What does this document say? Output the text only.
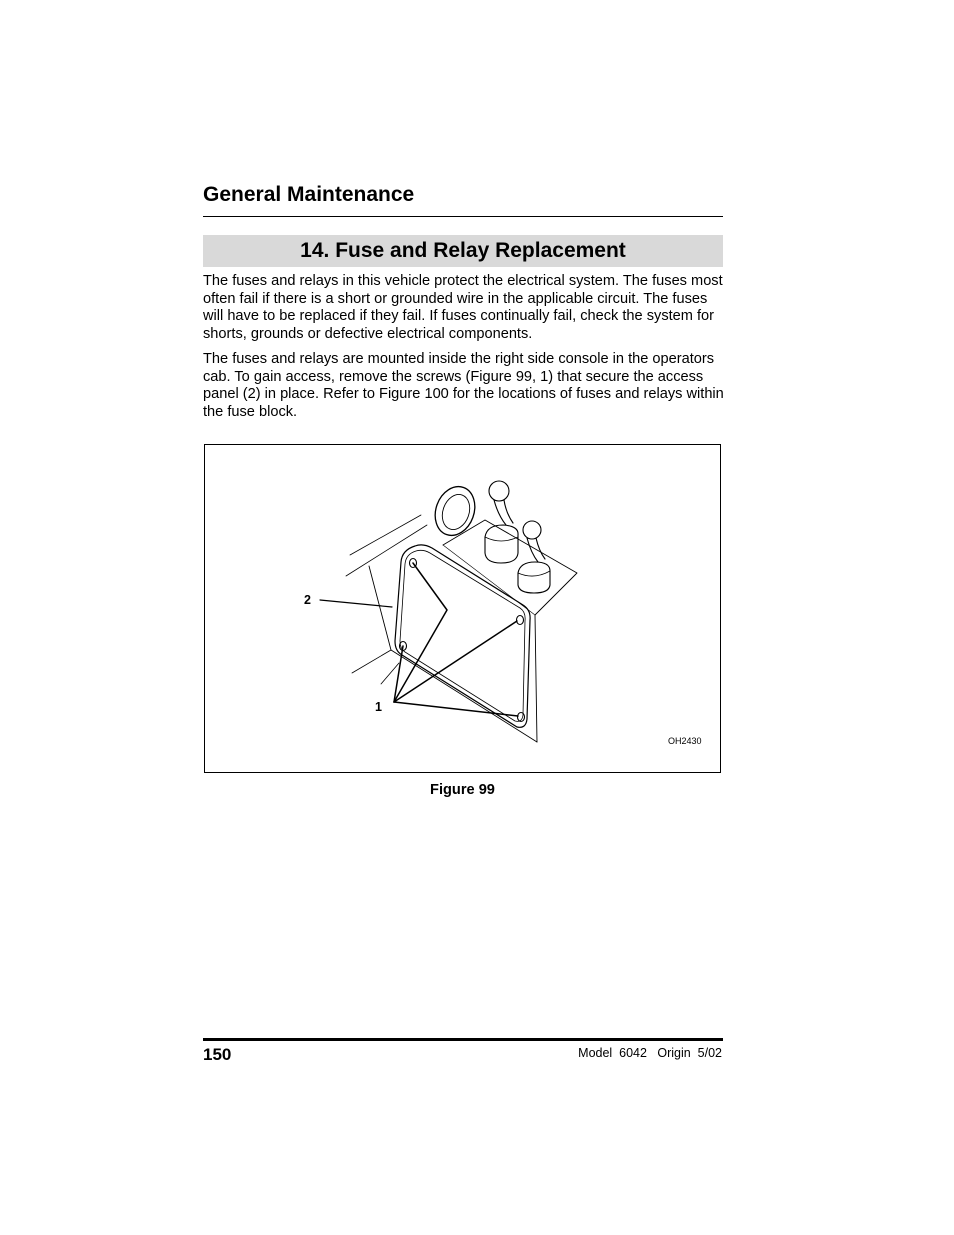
General Maintenance
14. Fuse and Relay Replacement

The fuses and relays in this vehicle protect the electrical system. The fuses most often fail if there is a short or grounded wire in the applicable circuit. The fuses will have to be replaced if they fail. If fuses continually fail, check the system for shorts, grounds or defective electrical components.

The fuses and relays are mounted inside the right side console in the operators cab. To gain access, remove the screws (Figure 99, 1) that secure the access panel (2) in place. Refer to Figure 100 for the locations of fuses and relays within the fuse block.

2
1
OH2430
Figure 99
150	Model  6042   Origin  5/02
